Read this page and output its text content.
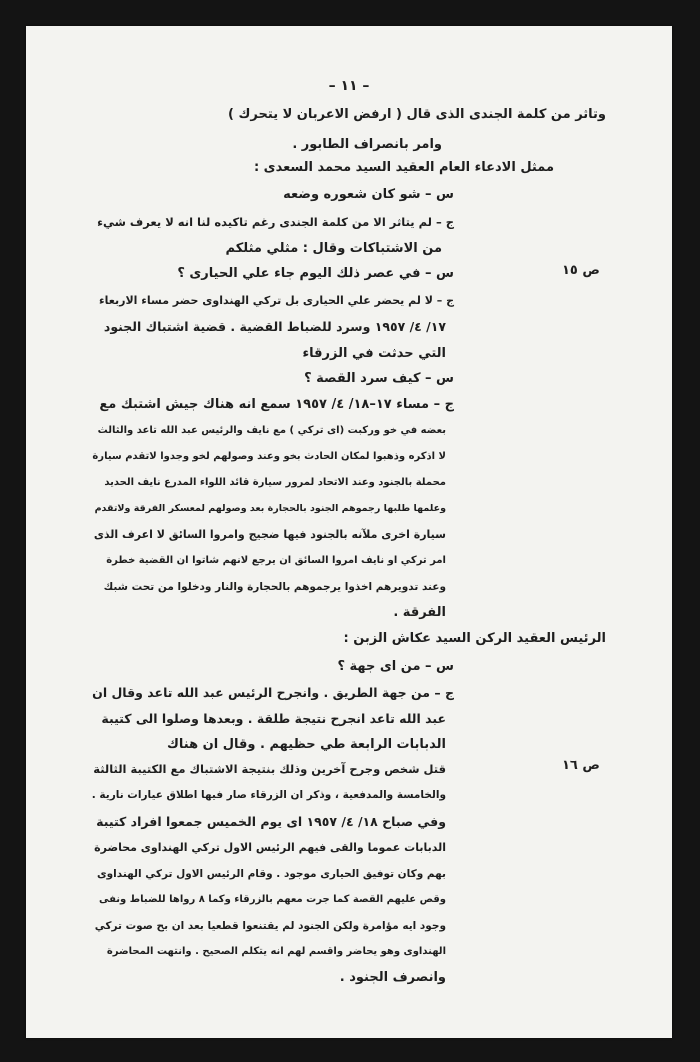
– ١١ –
ص ١٥
ص ١٦
وتاثر من كلمة الجندى الذى قال ( ارفض الاعربان لا يتحرك )
وامر بانصراف الطابور .
ممثل الادعاء العام العقيد السيد محمد السعدى :
س – شو كان شعوره وضعه
ج – لم يتاثر الا من كلمة الجندى رغم تاكيده لنا انه لا يعرف شيء
من الاشتباكات وقال : مثلي مثلكم
س – في عصر ذلك اليوم جاء علي الحيارى ؟
ج – لا لم يحضر علي الحيارى بل تركي الهنداوى حضر مساء الاربعاء
١٧/ ٤/ ١٩٥٧ وسرد للضباط القضية . قضية اشتباك الجنود
التي حدثت في الزرقاء
س – كيف سرد القصة ؟
ج – مساء ١٧–١٨/ ٤/ ١٩٥٧ سمع انه هناك جيش اشتبك مع
بعضه في خو وركبت (اى تركي ) مع نايف والرئيس عبد الله تاعد والثالث
لا اذكره وذهبوا لمكان الحادث بخو وعند وصولهم لخو وجدوا لاتقدم سيارة
محملة بالجنود وعند الاتحاد لمرور سيارة قائد اللواء المدرع نايف الحديد
وعلمها طلبها رجموهم الجنود بالحجارة بعد وصولهم لمعسكر الفرقة ولاتقدم
سيارة اخرى ملآنه بالجنود فيها ضجيج وامروا السائق لا اعرف الذى
امر تركي او نايف امروا السائق ان يرجع لانهم شاتوا ان القضية خطرة
وعند تدويرهم اخذوا يرجموهم بالحجارة والنار ودخلوا من تحت شبك
الفرقة .
الرئيس العقيد الركن السيد عكاش الزبن :
س – من اى جهة ؟
ج – من جهة الطريق . وانجرح الرئيس عبد الله تاعد وقال ان
عبد الله تاعد انجرح نتيجة طلقة . وبعدها وصلوا الى كتيبة
الدبابات الرابعة طي حظيهم . وقال ان هناك
قتل شخص وجرح آخرين وذلك بنتيجة الاشتباك مع الكتيبة الثالثة
والخامسة والمدفعية ، وذكر ان الزرقاء صار فيها اطلاق عيارات نارية .
وفي صباح ١٨/ ٤/ ١٩٥٧ اى يوم الخميس جمعوا افراد كتيبة
الدبابات عموما والقى فيهم الرئيس الاول تركي الهنداوى محاضرة
بهم وكان توفيق الحيارى موجود . وقام الرئيس الاول تركي الهنداوى
وقص عليهم القصة كما جرت معهم بالزرقاء وكما ٨ رواها للضباط ونفى
وجود ايه مؤامرة ولكن الجنود لم يقتنعوا قطعيا بعد ان بح صوت تركي
الهنداوى وهو يحاضر واقسم لهم انه يتكلم الصحيح . وانتهت المحاضرة
وانصرف الجنود .
